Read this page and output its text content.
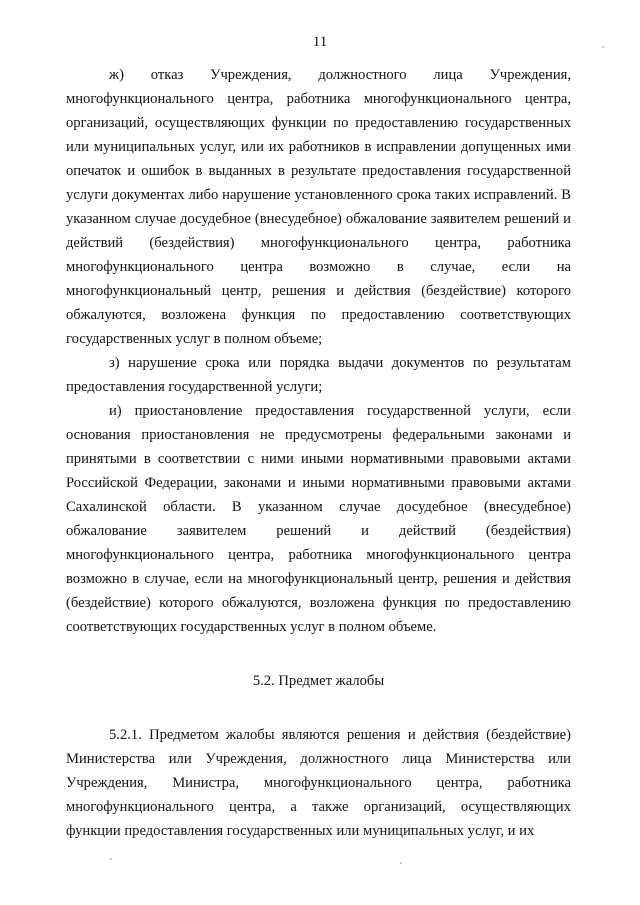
11

ж) отказ Учреждения, должностного лица Учреждения, многофункционального центра, работника многофункционального центра, организаций, осуществляющих функции по предоставлению государственных или муниципальных услуг, или их работников в исправлении допущенных ими опечаток и ошибок в выданных в результате предоставления государственной услуги документах либо нарушение установленного срока таких исправлений. В указанном случае досудебное (внесудебное) обжалование заявителем решений и действий (бездействия) многофункционального центра, работника многофункционального центра возможно в случае, если на многофункциональный центр, решения и действия (бездействие) которого обжалуются, возложена функция по предоставлению соответствующих государственных услуг в полном объеме;

з) нарушение срока или порядка выдачи документов по результатам предоставления государственной услуги;

и) приостановление предоставления государственной услуги, если основания приостановления не предусмотрены федеральными законами и принятыми в соответствии с ними иными нормативными правовыми актами Российской Федерации, законами и иными нормативными правовыми актами Сахалинской области. В указанном случае досудебное (внесудебное) обжалование заявителем решений и действий (бездействия) многофункционального центра, работника многофункционального центра возможно в случае, если на многофункциональный центр, решения и действия (бездействие) которого обжалуются, возложена функция по предоставлению соответствующих государственных услуг в полном объеме.

5.2. Предмет жалобы

5.2.1. Предметом жалобы являются решения и действия (бездействие) Министерства или Учреждения, должностного лица Министерства или Учреждения, Министра, многофункционального центра, работника многофункционального центра, а также организаций, осуществляющих функции предоставления государственных или муниципальных услуг, и их
